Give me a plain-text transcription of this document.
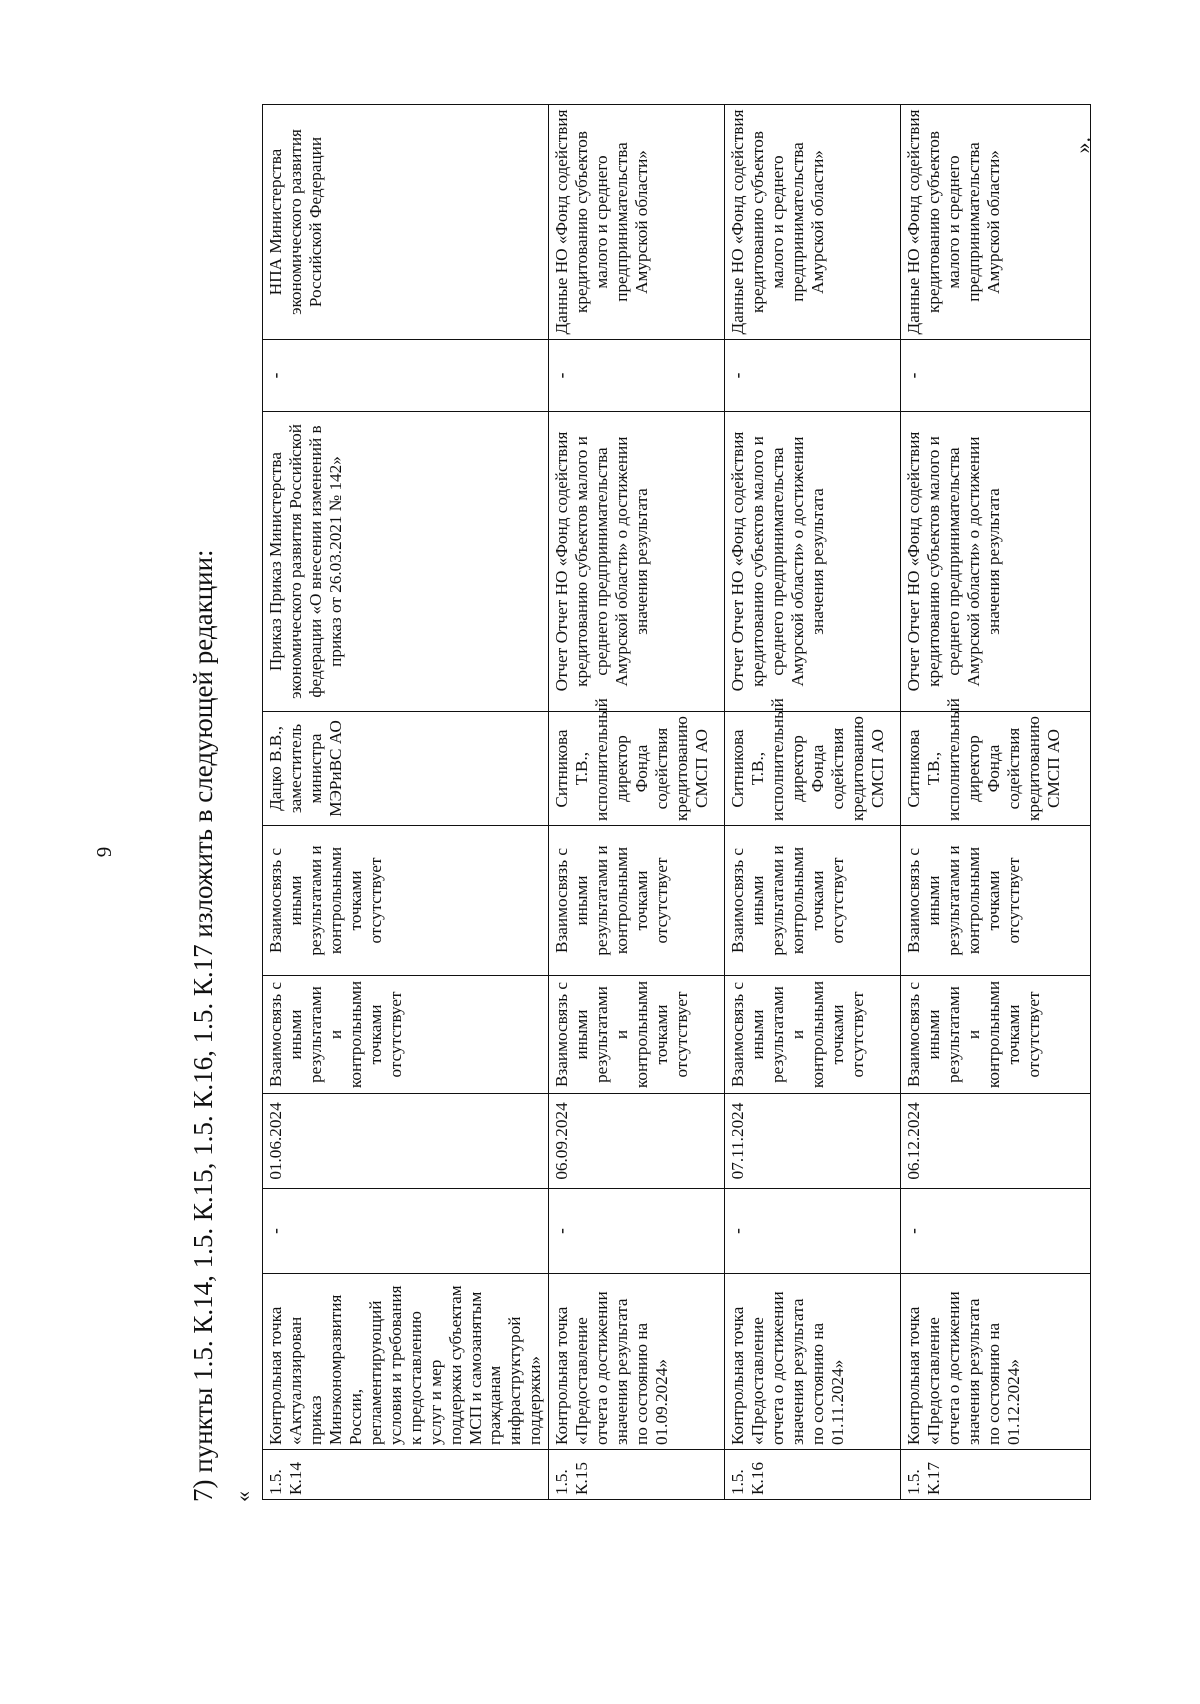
9	7) пункты 1.5. К.14, 1.5. К.15, 1.5. К.16, 1.5. К.17 изложить в следующей редакции: «
1.5. К.14	Контрольная точка «Актуализирован приказ Минэкономразвития России, регламентирующий условия и требования к предоставлению услуг и мер поддержки субъектам МСП и самозанятым гражданам инфраструктурой поддержки»	-	01.06.2024	Взаимосвязь с иными результатами и контрольными точками отсутствует	Взаимосвязь с иными результатами и контрольными точками отсутствует	Дацко В.В., заместитель министра МЭРиВС АО	Приказ Приказ Министерства экономического развития Российской федерации «О внесении изменений в приказ от 26.03.2021 № 142»	-	НПА Министерства экономического развития Российской Федерации
1.5. К.15	Контрольная точка «Предоставление отчета о достижении значения результата по состоянию на 01.09.2024»	-	06.09.2024	Взаимосвязь с иными результатами и контрольными точками отсутствует	Взаимосвязь с иными результатами и контрольными точками отсутствует	Ситникова Т.В., исполнительный директор Фонда содействия кредитованию СМСП АО	Отчет Отчет НО «Фонд содействия кредитованию субъектов малого и среднего предпринимательства Амурской области» о достижении значения результата	-	Данные НО «Фонд содействия кредитованию субъектов малого и среднего предпринимательства Амурской области»
1.5. К.16	Контрольная точка «Предоставление отчета о достижении значения результата по состоянию на 01.11.2024»	-	07.11.2024	Взаимосвязь с иными результатами и контрольными точками отсутствует	Взаимосвязь с иными результатами и контрольными точками отсутствует	Ситникова Т.В., исполнительный директор Фонда содействия кредитованию СМСП АО	Отчет Отчет НО «Фонд содействия кредитованию субъектов малого и среднего предпринимательства Амурской области» о достижении значения результата	-	Данные НО «Фонд содействия кредитованию субъектов малого и среднего предпринимательства Амурской области»
1.5. К.17	Контрольная точка «Предоставление отчета о достижении значения результата по состоянию на 01.12.2024»	-	06.12.2024	Взаимосвязь с иными результатами и контрольными точками отсутствует	Взаимосвязь с иными результатами и контрольными точками отсутствует	Ситникова Т.В., исполнительный директор Фонда содействия кредитованию СМСП АО	Отчет Отчет НО «Фонд содействия кредитованию субъектов малого и среднего предпринимательства Амурской области» о достижении значения результата	-	Данные НО «Фонд содействия кредитованию субъектов малого и среднего предпринимательства Амурской области»
».
